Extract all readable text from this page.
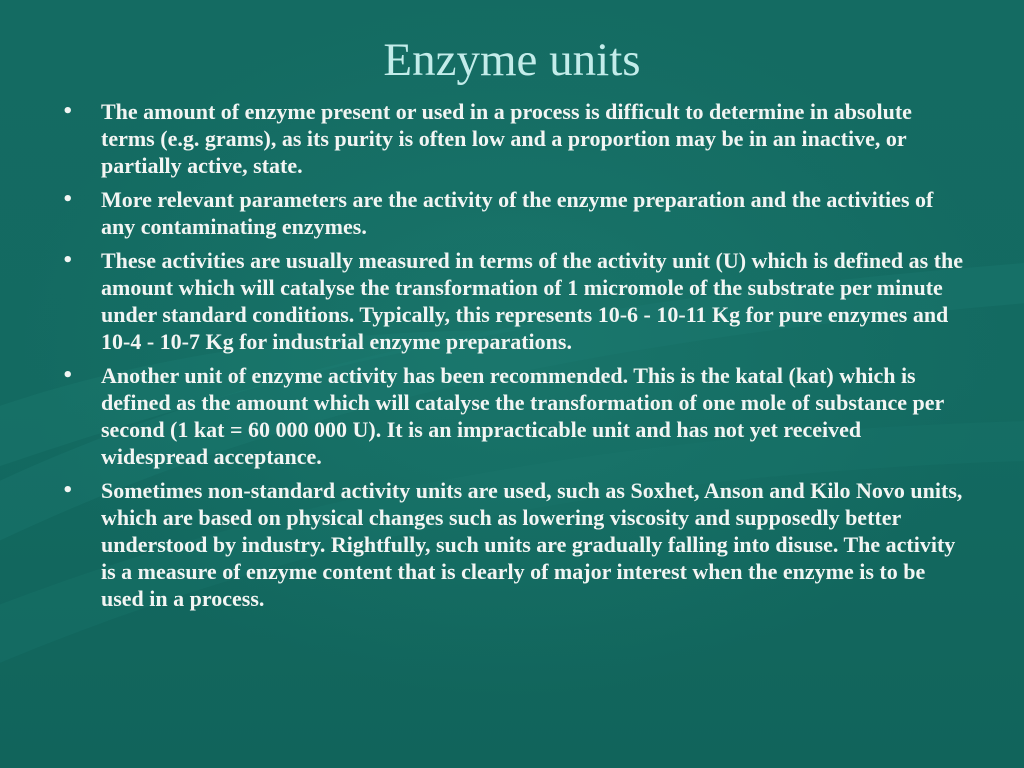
Enzyme units
• The amount of enzyme present or used in a process is difficult to determine in absolute terms (e.g. grams), as its purity is often low and a proportion may be in an inactive, or partially active, state.
• More relevant parameters are the activity of the enzyme preparation and the activities of any contaminating enzymes.
• These activities are usually measured in terms of the activity unit (U) which is defined as the amount which will catalyse the transformation of 1 micromole of the substrate per minute under standard conditions. Typically, this represents 10-6 - 10-11 Kg for pure enzymes and 10-4 - 10-7 Kg for industrial enzyme preparations.
• Another unit of enzyme activity has been recommended. This is the katal (kat) which is defined as the amount which will catalyse the transformation of one mole of substance per second (1 kat = 60 000 000 U). It is an impracticable unit and has not yet received widespread acceptance.
• Sometimes non-standard activity units are used, such as Soxhet, Anson and Kilo Novo units, which are based on physical changes such as lowering viscosity and supposedly better understood by industry. Rightfully, such units are gradually falling into disuse. The activity is a measure of enzyme content that is clearly of major interest when the enzyme is to be used in a process.
